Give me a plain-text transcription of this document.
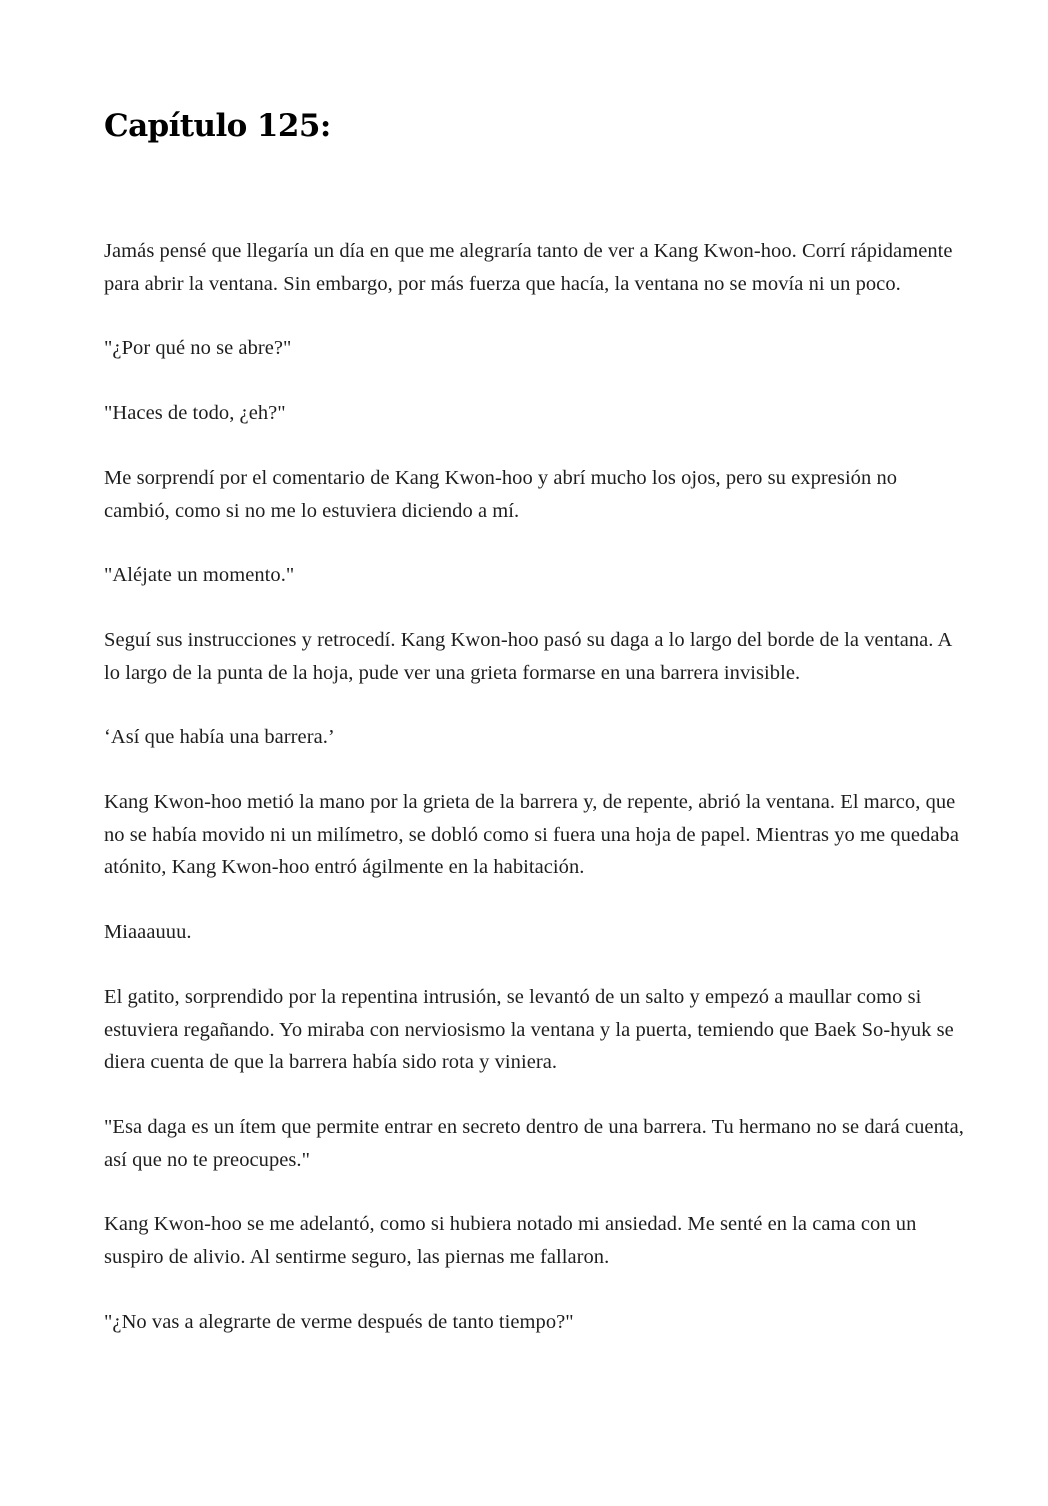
Capítulo 125:

Jamás pensé que llegaría un día en que me alegraría tanto de ver a Kang Kwon-hoo. Corrí rápidamente para abrir la ventana. Sin embargo, por más fuerza que hacía, la ventana no se movía ni un poco.

"¿Por qué no se abre?"

"Haces de todo, ¿eh?"

Me sorprendí por el comentario de Kang Kwon-hoo y abrí mucho los ojos, pero su expresión no cambió, como si no me lo estuviera diciendo a mí.

"Aléjate un momento."

Seguí sus instrucciones y retrocedí. Kang Kwon-hoo pasó su daga a lo largo del borde de la ventana. A lo largo de la punta de la hoja, pude ver una grieta formarse en una barrera invisible.

‘Así que había una barrera.’

Kang Kwon-hoo metió la mano por la grieta de la barrera y, de repente, abrió la ventana. El marco, que no se había movido ni un milímetro, se dobló como si fuera una hoja de papel. Mientras yo me quedaba atónito, Kang Kwon-hoo entró ágilmente en la habitación.

Miaaauuu.

El gatito, sorprendido por la repentina intrusión, se levantó de un salto y empezó a maullar como si estuviera regañando. Yo miraba con nerviosismo la ventana y la puerta, temiendo que Baek So-hyuk se diera cuenta de que la barrera había sido rota y viniera.

"Esa daga es un ítem que permite entrar en secreto dentro de una barrera. Tu hermano no se dará cuenta, así que no te preocupes."

Kang Kwon-hoo se me adelantó, como si hubiera notado mi ansiedad. Me senté en la cama con un suspiro de alivio. Al sentirme seguro, las piernas me fallaron.

"¿No vas a alegrarte de verme después de tanto tiempo?"
